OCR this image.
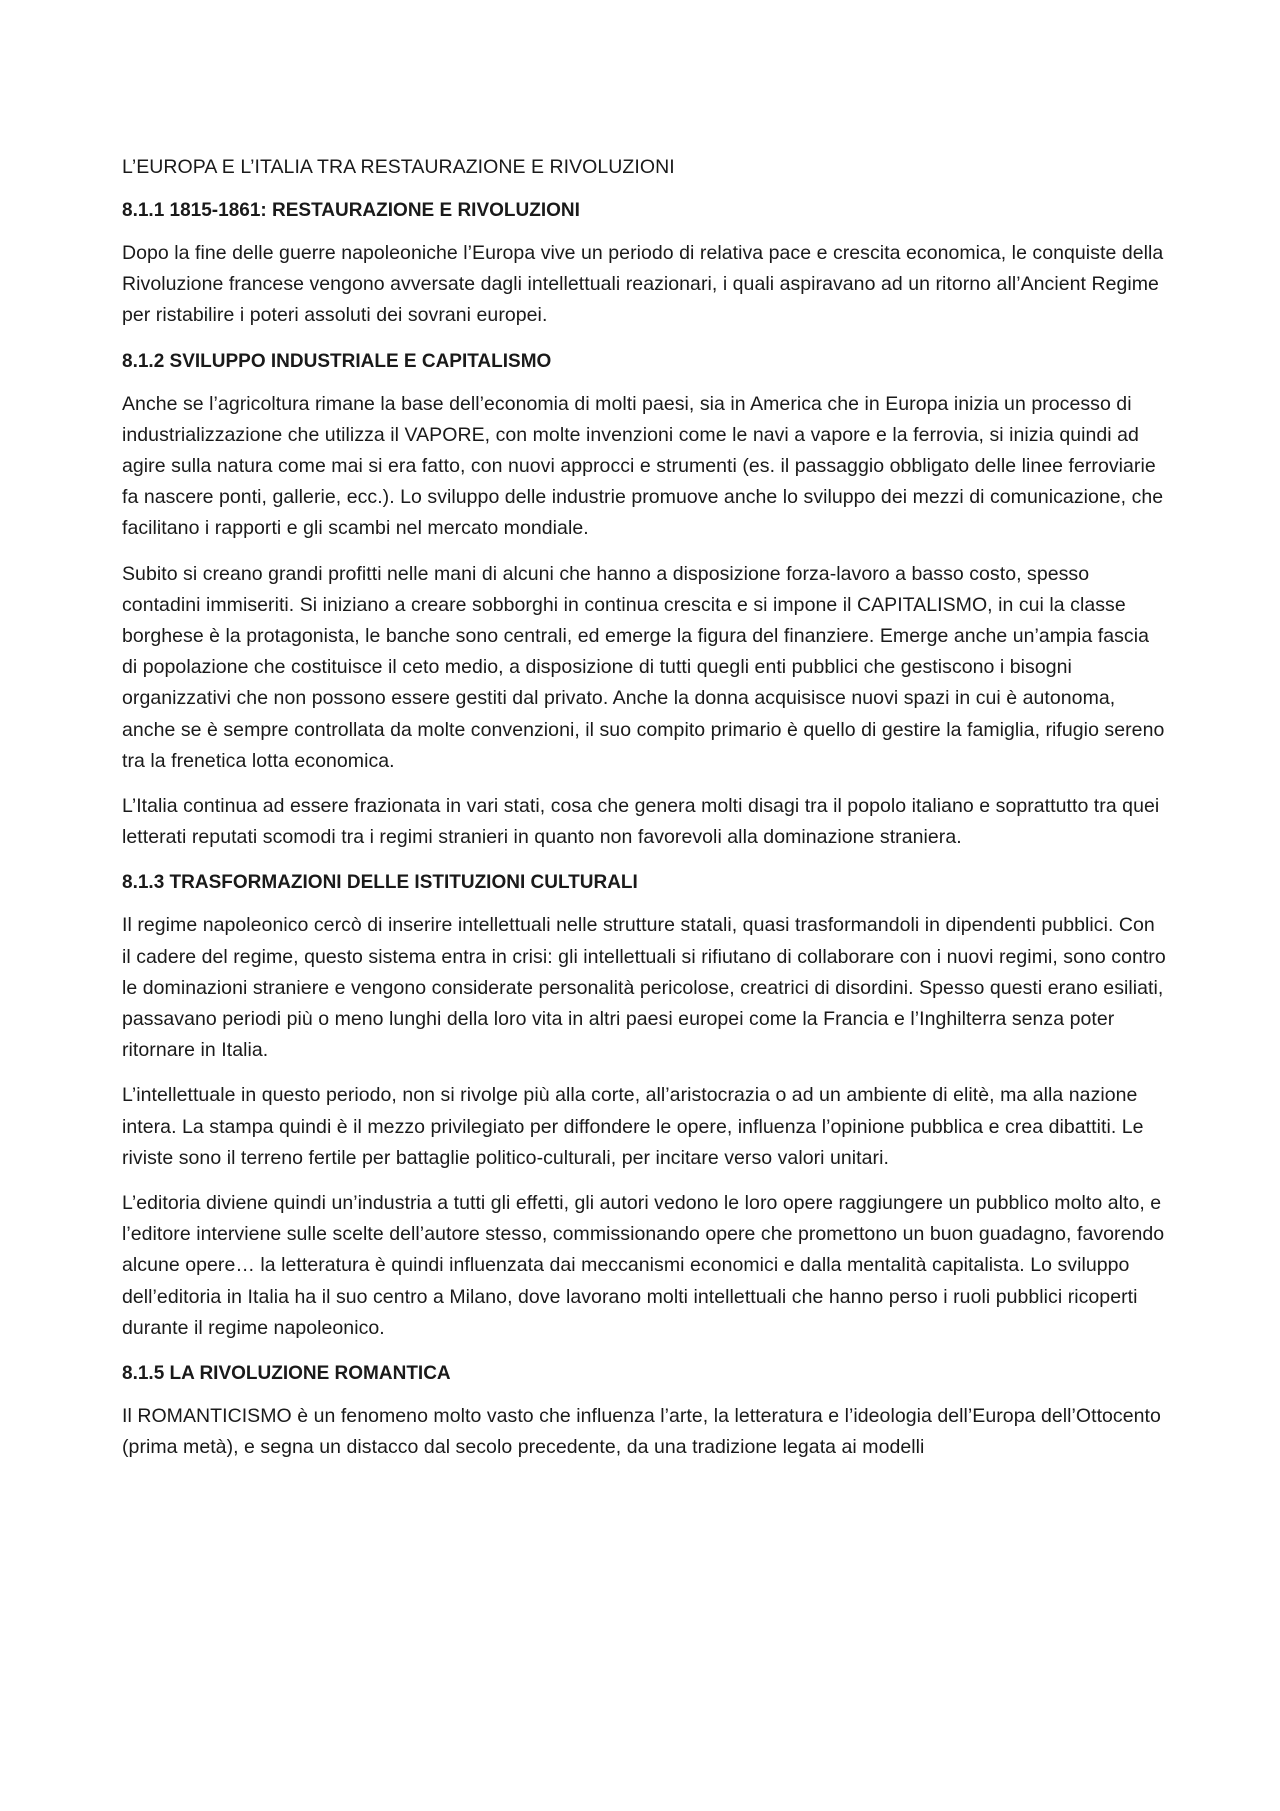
L’EUROPA E L’ITALIA TRA RESTAURAZIONE E RIVOLUZIONI
8.1.1 1815-1861: RESTAURAZIONE E RIVOLUZIONI

Dopo la fine delle guerre napoleoniche l’Europa vive un periodo di relativa pace e crescita economica, le conquiste della Rivoluzione francese vengono avversate dagli intellettuali reazionari, i quali aspiravano ad un ritorno all’Ancient Regime per ristabilire i poteri assoluti dei sovrani europei.

8.1.2 SVILUPPO INDUSTRIALE E CAPITALISMO

Anche se l’agricoltura rimane la base dell’economia di molti paesi, sia in America che in Europa inizia un processo di industrializzazione che utilizza il VAPORE, con molte invenzioni come le navi a vapore e la ferrovia, si inizia quindi ad agire sulla natura come mai si era fatto, con nuovi approcci e strumenti (es. il passaggio obbligato delle linee ferroviarie fa nascere ponti, gallerie, ecc.). Lo sviluppo delle industrie promuove anche lo sviluppo dei mezzi di comunicazione, che facilitano i rapporti e gli scambi nel mercato mondiale.

Subito si creano grandi profitti nelle mani di alcuni che hanno a disposizione forza-lavoro a basso costo, spesso contadini immiseriti. Si iniziano a creare sobborghi in continua crescita e si impone il CAPITALISMO, in cui la classe borghese è la protagonista, le banche sono centrali, ed emerge la figura del finanziere. Emerge anche un’ampia fascia di popolazione che costituisce il ceto medio, a disposizione di tutti quegli enti pubblici che gestiscono i bisogni organizzativi che non possono essere gestiti dal privato. Anche la donna acquisisce nuovi spazi in cui è autonoma, anche se è sempre controllata da molte convenzioni, il suo compito primario è quello di gestire la famiglia, rifugio sereno tra la frenetica lotta economica.

L’Italia continua ad essere frazionata in vari stati, cosa che genera molti disagi tra il popolo italiano e soprattutto tra quei letterati reputati scomodi tra i regimi stranieri in quanto non favorevoli alla dominazione straniera.

8.1.3 TRASFORMAZIONI DELLE ISTITUZIONI CULTURALI

Il regime napoleonico cercò di inserire intellettuali nelle strutture statali, quasi trasformandoli in dipendenti pubblici. Con il cadere del regime, questo sistema entra in crisi: gli intellettuali si rifiutano di collaborare con i nuovi regimi, sono contro le dominazioni straniere e vengono considerate personalità pericolose, creatrici di disordini. Spesso questi erano esiliati, passavano periodi più o meno lunghi della loro vita in altri paesi europei come la Francia e l’Inghilterra senza poter ritornare in Italia.

L’intellettuale in questo periodo, non si rivolge più alla corte, all’aristocrazia o ad un ambiente di elitè, ma alla nazione intera. La stampa quindi è il mezzo privilegiato per diffondere le opere, influenza l’opinione pubblica e crea dibattiti. Le riviste sono il terreno fertile per battaglie politico-culturali, per incitare verso valori unitari.

L’editoria diviene quindi un’industria a tutti gli effetti, gli autori vedono le loro opere raggiungere un pubblico molto alto, e l’editore interviene sulle scelte dell’autore stesso, commissionando opere che promettono un buon guadagno, favorendo alcune opere… la letteratura è quindi influenzata dai meccanismi economici e dalla mentalità capitalista. Lo sviluppo dell’editoria in Italia ha il suo centro a Milano, dove lavorano molti intellettuali che hanno perso i ruoli pubblici ricoperti durante il regime napoleonico.

8.1.5 LA RIVOLUZIONE ROMANTICA

Il ROMANTICISMO è un fenomeno molto vasto che influenza l’arte, la letteratura e l’ideologia dell’Europa dell’Ottocento (prima metà), e segna un distacco dal secolo precedente, da una tradizione legata ai modelli
